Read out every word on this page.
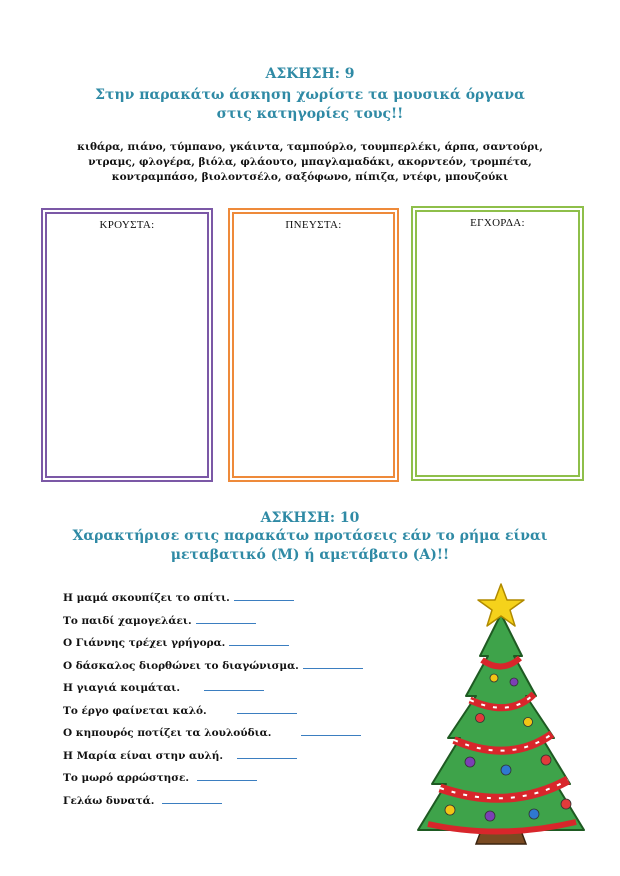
ΑΣΚΗΣΗ: 9
Στην παρακάτω άσκηση χωρίστε τα μουσικά όργανα
στις κατηγορίες τους!!
κιθάρα, πιάνο, τύμπανο, γκάιντα, ταμπούρλο, τουμπερλέκι, άρπα, σαντούρι,
ντραμς, φλογέρα, βιόλα, φλάουτο, μπαγλαμαδάκι, ακορντεόν, τρομπέτα,
κοντραμπάσο, βιολοντσέλο, σαξόφωνο, πίπιζα, ντέφι, μπουζούκι
ΚΡΟΥΣΤΑ:	ΠΝΕΥΣΤΑ:	ΕΓΧΟΡΔΑ:
ΑΣΚΗΣΗ: 10
Χαρακτήρισε στις παρακάτω προτάσεις εάν το ρήμα είναι
μεταβατικό (Μ) ή αμετάβατο (Α)!!
Η μαμά σκουπίζει το σπίτι.
Το παιδί χαμογελάει.
Ο Γιάννης τρέχει γρήγορα.
Ο δάσκαλος διορθώνει το διαγώνισμα.
Η γιαγιά κοιμάται.
Το έργο φαίνεται καλό.
Ο κηπουρός ποτίζει τα λουλούδια.
Η Μαρία είναι στην αυλή.
Το μωρό αρρώστησε.
Γελάω δυνατά.
